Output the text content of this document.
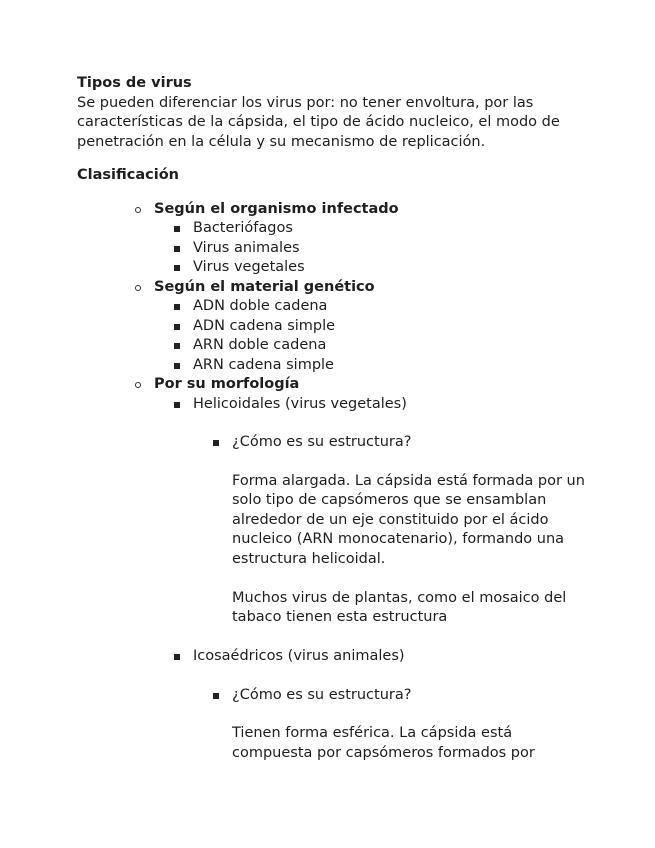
Tipos de virus

Se pueden diferenciar los virus por: no tener envoltura, por las características de la cápsida, el tipo de ácido nucleico, el modo de penetración en la célula y su mecanismo de replicación.

Clasificación

Según el organismo infectado
Bacteriófagos
Virus animales
Virus vegetales
Según el material genético
ADN doble cadena
ADN cadena simple
ARN doble cadena
ARN cadena simple
Por su morfología
Helicoidales (virus vegetales)
¿Cómo es su estructura?

Forma alargada. La cápsida está formada por un solo tipo de capsómeros que se ensamblan alrededor de un eje constituido por el ácido nucleico (ARN monocatenario), formando una estructura helicoidal.

Muchos virus de plantas, como el mosaico del tabaco tienen esta estructura

Icosaédricos (virus animales)
¿Cómo es su estructura?

Tienen forma esférica. La cápsida está compuesta por capsómeros formados por
